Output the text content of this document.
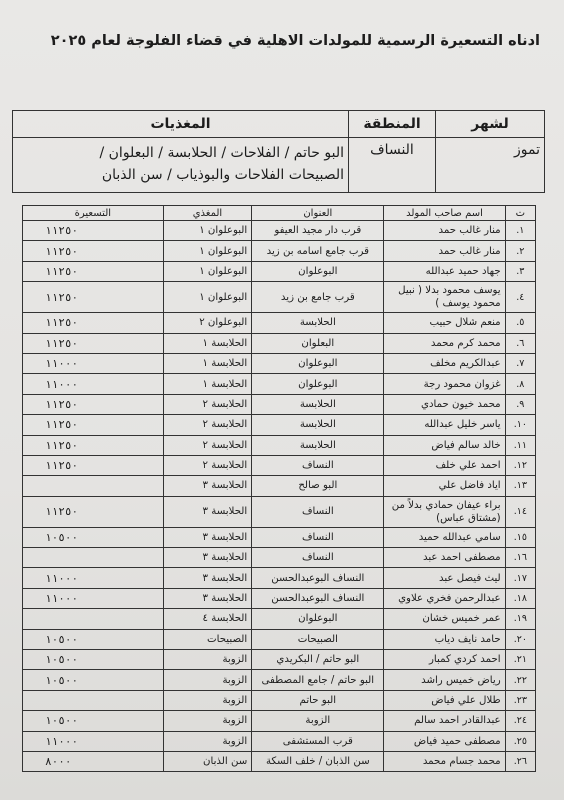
ادناه التسعيرة الرسمية للمولدات الاهلية في قضاء الفلوجة لعام ٢٠٢٥
لشهر	المنطقة	المغذيات
تموز	النساف	البو حاتم / الفلاحات / الحلابسة / البعلوان /
الصبيحات الفلاحات والبوذياب / سن الذبان
ت	اسم صاحب المولد	العنوان	المغذي	التسعيرة
١.	منار غالب حمد	قرب دار مجيد العيفو	البوعلوان ١	١١٢٥٠
٢.	منار غالب حمد	قرب جامع اسامه بن زيد	البوعلوان ١	١١٢٥٠
٣.	جهاد حميد عبدالله	البوعلوان	البوعلوان ١	١١٢٥٠
٤.	يوسف محمود بدلا ( نبيل محمود يوسف )	قرب جامع بن زيد	البوعلوان ١	١١٢٥٠
٥.	منعم شلال حبيب	الحلابسة	البوعلوان ٢	١١٢٥٠
٦.	محمد كرم محمد	البعلوان	الحلابسة ١	١١٢٥٠
٧.	عبدالكريم مخلف	البوعلوان	الحلابسة ١	١١٠٠٠
٨.	غزوان محمود رجة	البوعلوان	الحلابسة ١	١١٠٠٠
٩.	محمد خيون حمادي	الحلابسة	الحلابسة ٢	١١٢٥٠
١٠.	ياسر خليل عبدالله	الحلابسة	الحلابسة ٢	١١٢٥٠
١١.	خالد سالم فياض	الحلابسة	الحلابسة ٢	١١٢٥٠
١٢.	احمد علي خلف	النساف	الحلابسة ٢	١١٢٥٠
١٣.	اياد فاضل علي	البو صالح	الحلابسة ٣	
١٤.	براء عيفان حمادي بدلاً من (مشتاق عباس)	النساف	الحلابسة ٣	١١٢٥٠
١٥.	سامي عبدالله حميد	النساف	الحلابسة ٣	١٠٥٠٠
١٦.	مصطفى احمد عبد	النساف	الحلابسة ٣	
١٧.	ليث فيصل عبد	النساف البوعبدالحسن	الحلابسة ٣	١١٠٠٠
١٨.	عبدالرحمن فخري علاوي	النساف البوعبدالحسن	الحلابسة ٣	١١٠٠٠
١٩.	عمر خميس خشان	البوعلوان	الحلابسة ٤	
٢٠.	حامد نايف دياب	الصبيحات	الصبيحات	١٠٥٠٠
٢١.	احمد كردي كمبار	البو حاتم / البكريدي	الزوبة	١٠٥٠٠
٢٢.	رياض خميس راشد	البو حاتم / جامع المصطفى	الزوبة	١٠٥٠٠
٢٣.	طلال علي فياض	البو حاتم	الزوبة	
٢٤.	عبدالقادر احمد سالم	الزوبة	الزوبة	١٠٥٠٠
٢٥.	مصطفى حميد فياض	قرب المستشفى	الزوبة	١١٠٠٠
٢٦.	محمد جسام محمد	سن الذبان / خلف السكة	سن الذبان	٨٠٠٠
